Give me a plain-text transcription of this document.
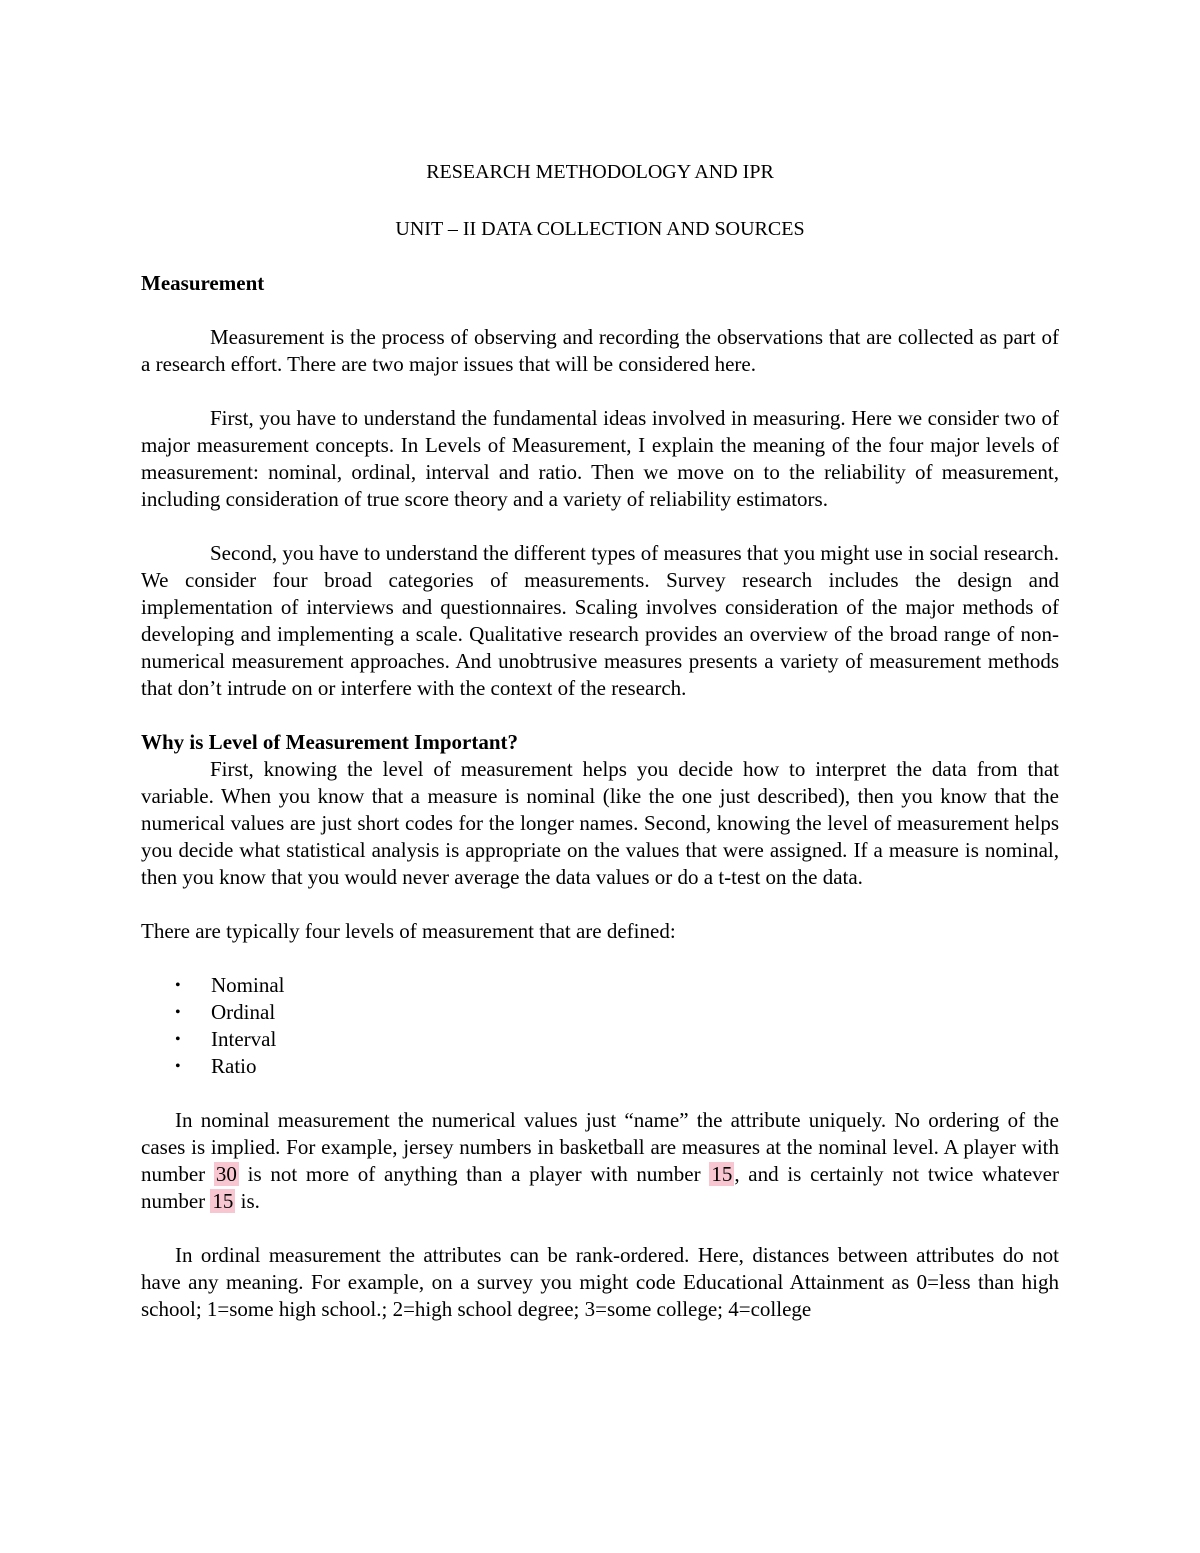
RESEARCH METHODOLOGY AND IPR

UNIT – II DATA COLLECTION AND SOURCES

Measurement

Measurement is the process of observing and recording the observations that are collected as part of a research effort. There are two major issues that will be considered here.

First, you have to understand the fundamental ideas involved in measuring. Here we consider two of major measurement concepts. In Levels of Measurement, I explain the meaning of the four major levels of measurement: nominal, ordinal, interval and ratio. Then we move on to the reliability of measurement, including consideration of true score theory and a variety of reliability estimators.

Second, you have to understand the different types of measures that you might use in social research. We consider four broad categories of measurements. Survey research includes the design and implementation of interviews and questionnaires. Scaling involves consideration of the major methods of developing and implementing a scale. Qualitative research provides an overview of the broad range of non-numerical measurement approaches. And unobtrusive measures presents a variety of measurement methods that don’t intrude on or interfere with the context of the research.

Why is Level of Measurement Important?

First, knowing the level of measurement helps you decide how to interpret the data from that variable. When you know that a measure is nominal (like the one just described), then you know that the numerical values are just short codes for the longer names. Second, knowing the level of measurement helps you decide what statistical analysis is appropriate on the values that were assigned. If a measure is nominal, then you know that you would never average the data values or do a t-test on the data.

There are typically four levels of measurement that are defined:

• Nominal
• Ordinal
• Interval
• Ratio

In nominal measurement the numerical values just “name” the attribute uniquely. No ordering of the cases is implied. For example, jersey numbers in basketball are measures at the nominal level. A player with number 30 is not more of anything than a player with number 15, and is certainly not twice whatever number 15 is.

In ordinal measurement the attributes can be rank-ordered. Here, distances between attributes do not have any meaning. For example, on a survey you might code Educational Attainment as 0=less than high school; 1=some high school.; 2=high school degree; 3=some college; 4=college
